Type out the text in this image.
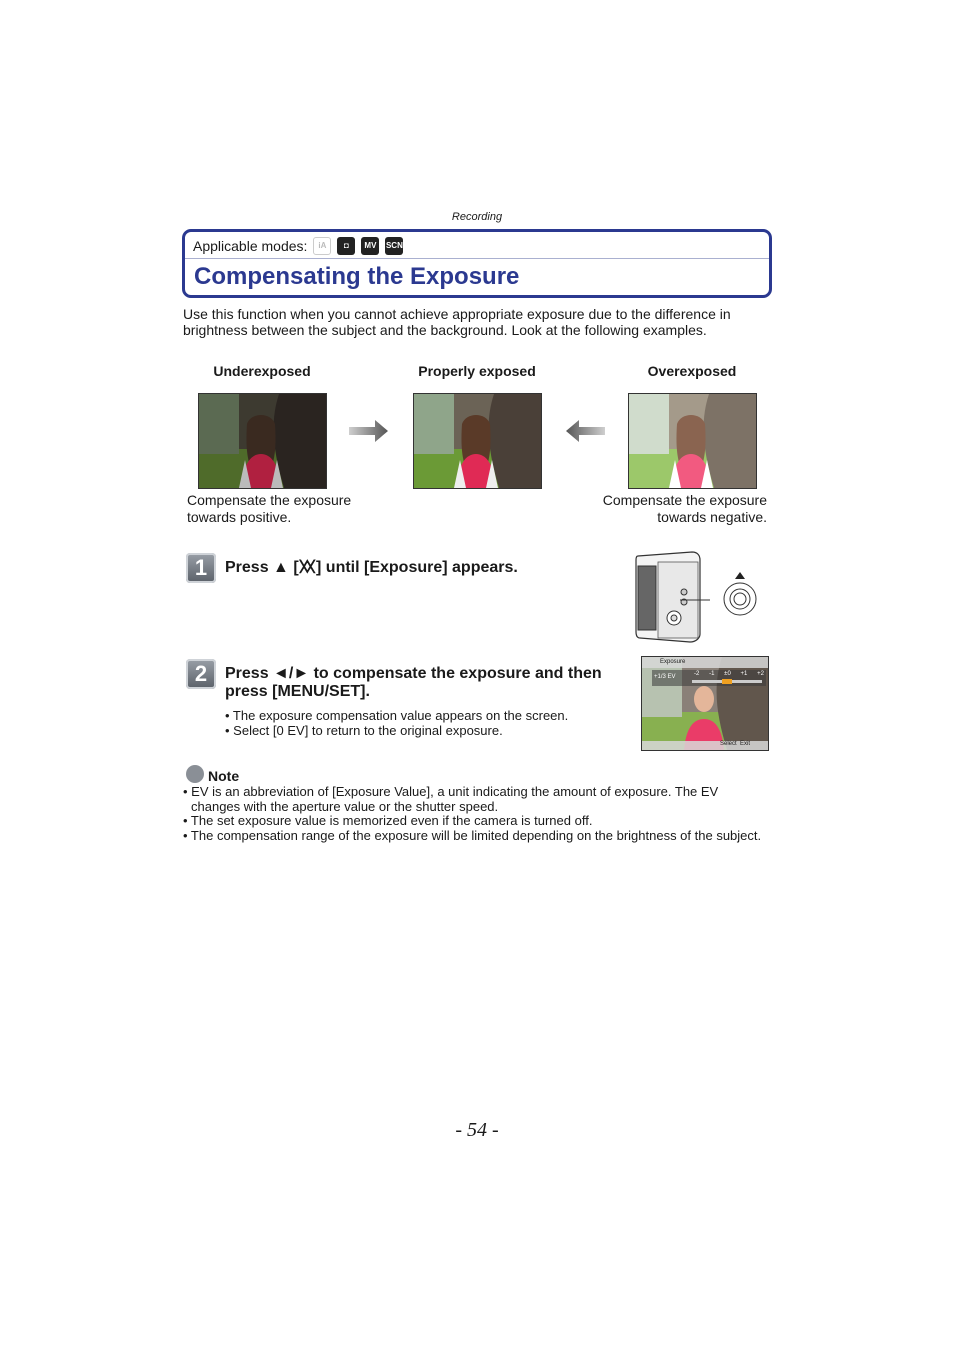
Recording
Applicable modes:	iA	◘	MV	SCN
Compensating the Exposure
Use this function when you cannot achieve appropriate exposure due to the difference in brightness between the subject and the background. Look at the following examples.
Underexposed	Properly exposed	Overexposed
Compensate the exposure
towards positive.
Compensate the exposure
towards negative.
1	Press ▲ [⯵] until [Exposure] appears.
2	Press ◄/► to compensate the exposure and then
press [MENU/SET].
• The exposure compensation value appears on the screen.
• Select [0 EV] to return to the original exposure.
Exposure
+1/3 EV	-2 -1 ±0 +1 +2
Select  Exit
Note
• EV is an abbreviation of [Exposure Value], a unit indicating the amount of exposure. The EV changes with the aperture value or the shutter speed.
• The set exposure value is memorized even if the camera is turned off.
• The compensation range of the exposure will be limited depending on the brightness of the subject.
- 54 -
